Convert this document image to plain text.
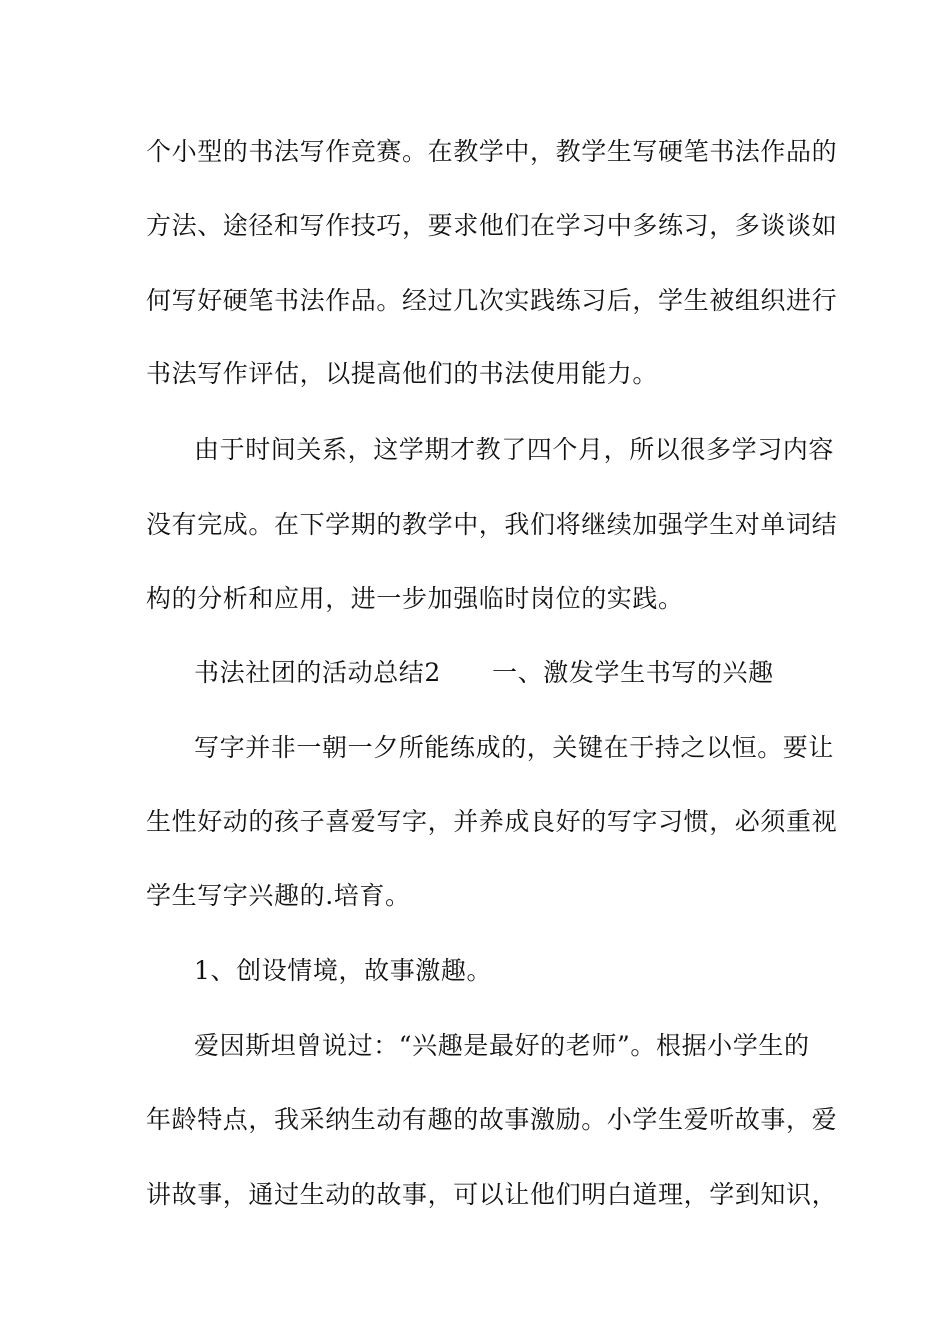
个小型的书法写作竞赛。在教学中，教学生写硬笔书法作品的
方法、途径和写作技巧，要求他们在学习中多练习，多谈谈如
何写好硬笔书法作品。经过几次实践练习后，学生被组织进行
书法写作评估，以提高他们的书法使用能力。
由于时间关系，这学期才教了四个月，所以很多学习内容
没有完成。在下学期的教学中，我们将继续加强学生对单词结
构的分析和应用，进一步加强临时岗位的实践。
书法社团的活动总结2　　一、激发学生书写的兴趣
写字并非一朝一夕所能练成的，关键在于持之以恒。要让
生性好动的孩子喜爱写字，并养成良好的写字习惯，必须重视
学生写字兴趣的.培育。
1、创设情境，故事激趣。
爱因斯坦曾说过：“兴趣是最好的老师”。根据小学生的
年龄特点，我采纳生动有趣的故事激励。小学生爱听故事，爱
讲故事，通过生动的故事，可以让他们明白道理，学到知识，
